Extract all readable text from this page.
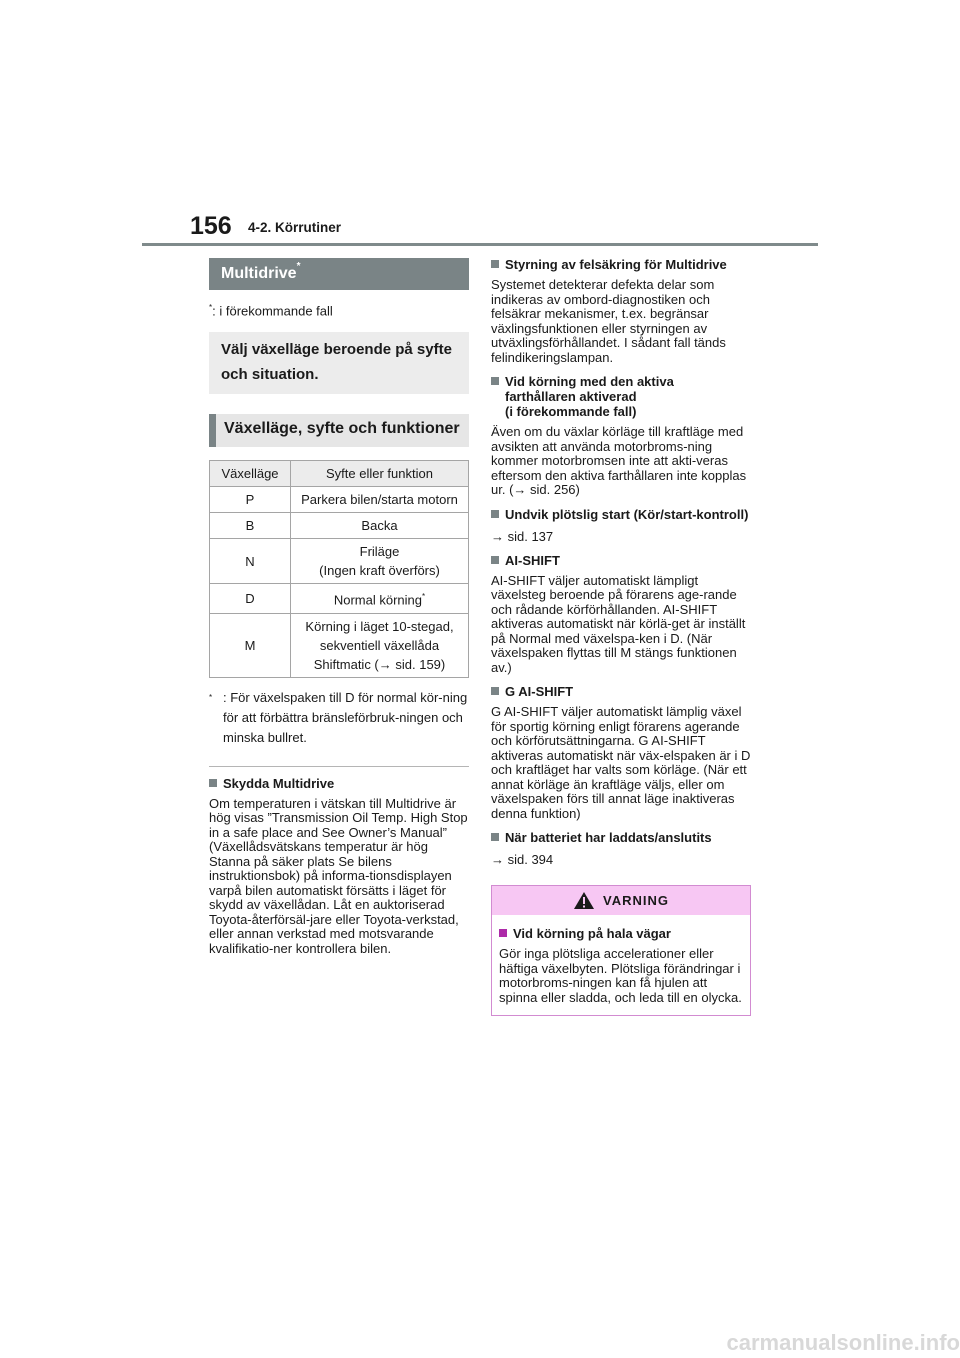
156 4-2. Körrutiner
Multidrive*
*: i förekommande fall
Välj växelläge beroende på syfte och situation.
Växelläge, syfte och funktioner
Växelläge	Syfte eller funktion
P	Parkera bilen/starta motorn
B	Backa
N	Friläge
(Ingen kraft överförs)
D	Normal körning*
M	Körning i läget 10-stegad,
sekventiell växellåda
Shiftmatic (→ sid. 159)
* : För växelspaken till D för normal kör-ning för att förbättra bränsleförbruk-ningen och minska bullret.
Skydda Multidrive
Om temperaturen i vätskan till Multidrive är hög visas ”Transmission Oil Temp. High Stop in a safe place and See Owner’s Manual” (Växellådsvätskans temperatur är hög Stanna på säker plats Se bilens instruktionsbok) på informa-tionsdisplayen varpå bilen automatiskt försätts i läget för skydd av växellådan. Låt en auktoriserad Toyota-återförsäl-jare eller Toyota-verkstad, eller annan verkstad med motsvarande kvalifikatio-ner kontrollera bilen.
Styrning av felsäkring för Multidrive
Systemet detekterar defekta delar som indikeras av ombord-diagnostiken och felsäkrar mekanismer, t.ex. begränsar växlingsfunktionen eller styrningen av utväxlingsförhållandet. I sådant fall tänds felindikeringslampan.
Vid körning med den aktiva
farthållaren aktiverad
(i förekommande fall)
Även om du växlar körläge till kraftläge med avsikten att använda motorbroms-ning kommer motorbromsen inte att akti-veras eftersom den aktiva farthållaren inte kopplas ur. (→ sid. 256)
Undvik plötslig start (Kör/start-kontroll)
→ sid. 137
AI-SHIFT
AI-SHIFT väljer automatiskt lämpligt växelsteg beroende på förarens age-rande och rådande körförhållanden. AI-SHIFT aktiveras automatiskt när körlä-get är inställt på Normal med växelspa-ken i D. (När växelspaken flyttas till M stängs funktionen av.)
G AI-SHIFT
G AI-SHIFT väljer automatiskt lämplig växel för sportig körning enligt förarens agerande och körförutsättningarna. G AI-SHIFT aktiveras automatiskt när väx-elspaken är i D och kraftläget har valts som körläge. (När ett annat körläge än kraftläge väljs, eller om växelspaken förs till annat läge inaktiveras denna funktion)
När batteriet har laddats/anslutits
→ sid. 394
VARNING
Vid körning på hala vägar
Gör inga plötsliga accelerationer eller häftiga växelbyten. Plötsliga förändringar i motorbroms-ningen kan få hjulen att spinna eller sladda, och leda till en olycka.
carmanualsonline.info
